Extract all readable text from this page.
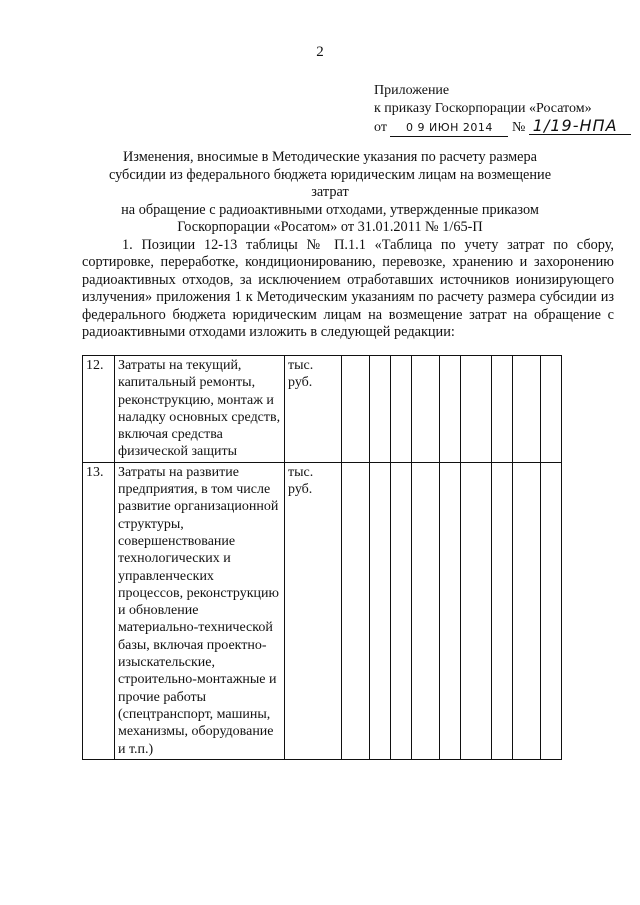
2
Приложение
к приказу Госкорпорации «Росатом»
от 0 9 ИЮН 2014 № 1/19-НПА
Изменения, вносимые в Методические указания по расчету размера
субсидии из федерального бюджета юридическим лицам на возмещение затрат
на обращение с радиоактивными отходами, утвержденные приказом
Госкорпорации «Росатом» от 31.01.2011 № 1/65-П
1. Позиции 12-13 таблицы № П.1.1 «Таблица по учету затрат по сбору, сортировке, переработке, кондиционированию, перевозке, хранению и захоронению радиоактивных отходов, за исключением отработавших источников ионизирующего излучения» приложения 1 к Методическим указаниям по расчету размера субсидии из федерального бюджета юридическим лицам на возмещение затрат на обращение с радиоактивными отходами изложить в следующей редакции:
12.	Затраты на текущий, капитальный ремонты, реконструкцию, монтаж и наладку основных средств, включая средства физической защиты	тыс.
руб.									

13.	Затраты на развитие предприятия, в том числе развитие организационной структуры, совершенствование технологических и управленческих процессов, реконструкцию и обновление материально-технической базы, включая проектно-изыскательские, строительно-монтажные и прочие работы (спецтранспорт, машины, механизмы, оборудование и т.п.)	тыс.
руб.									
